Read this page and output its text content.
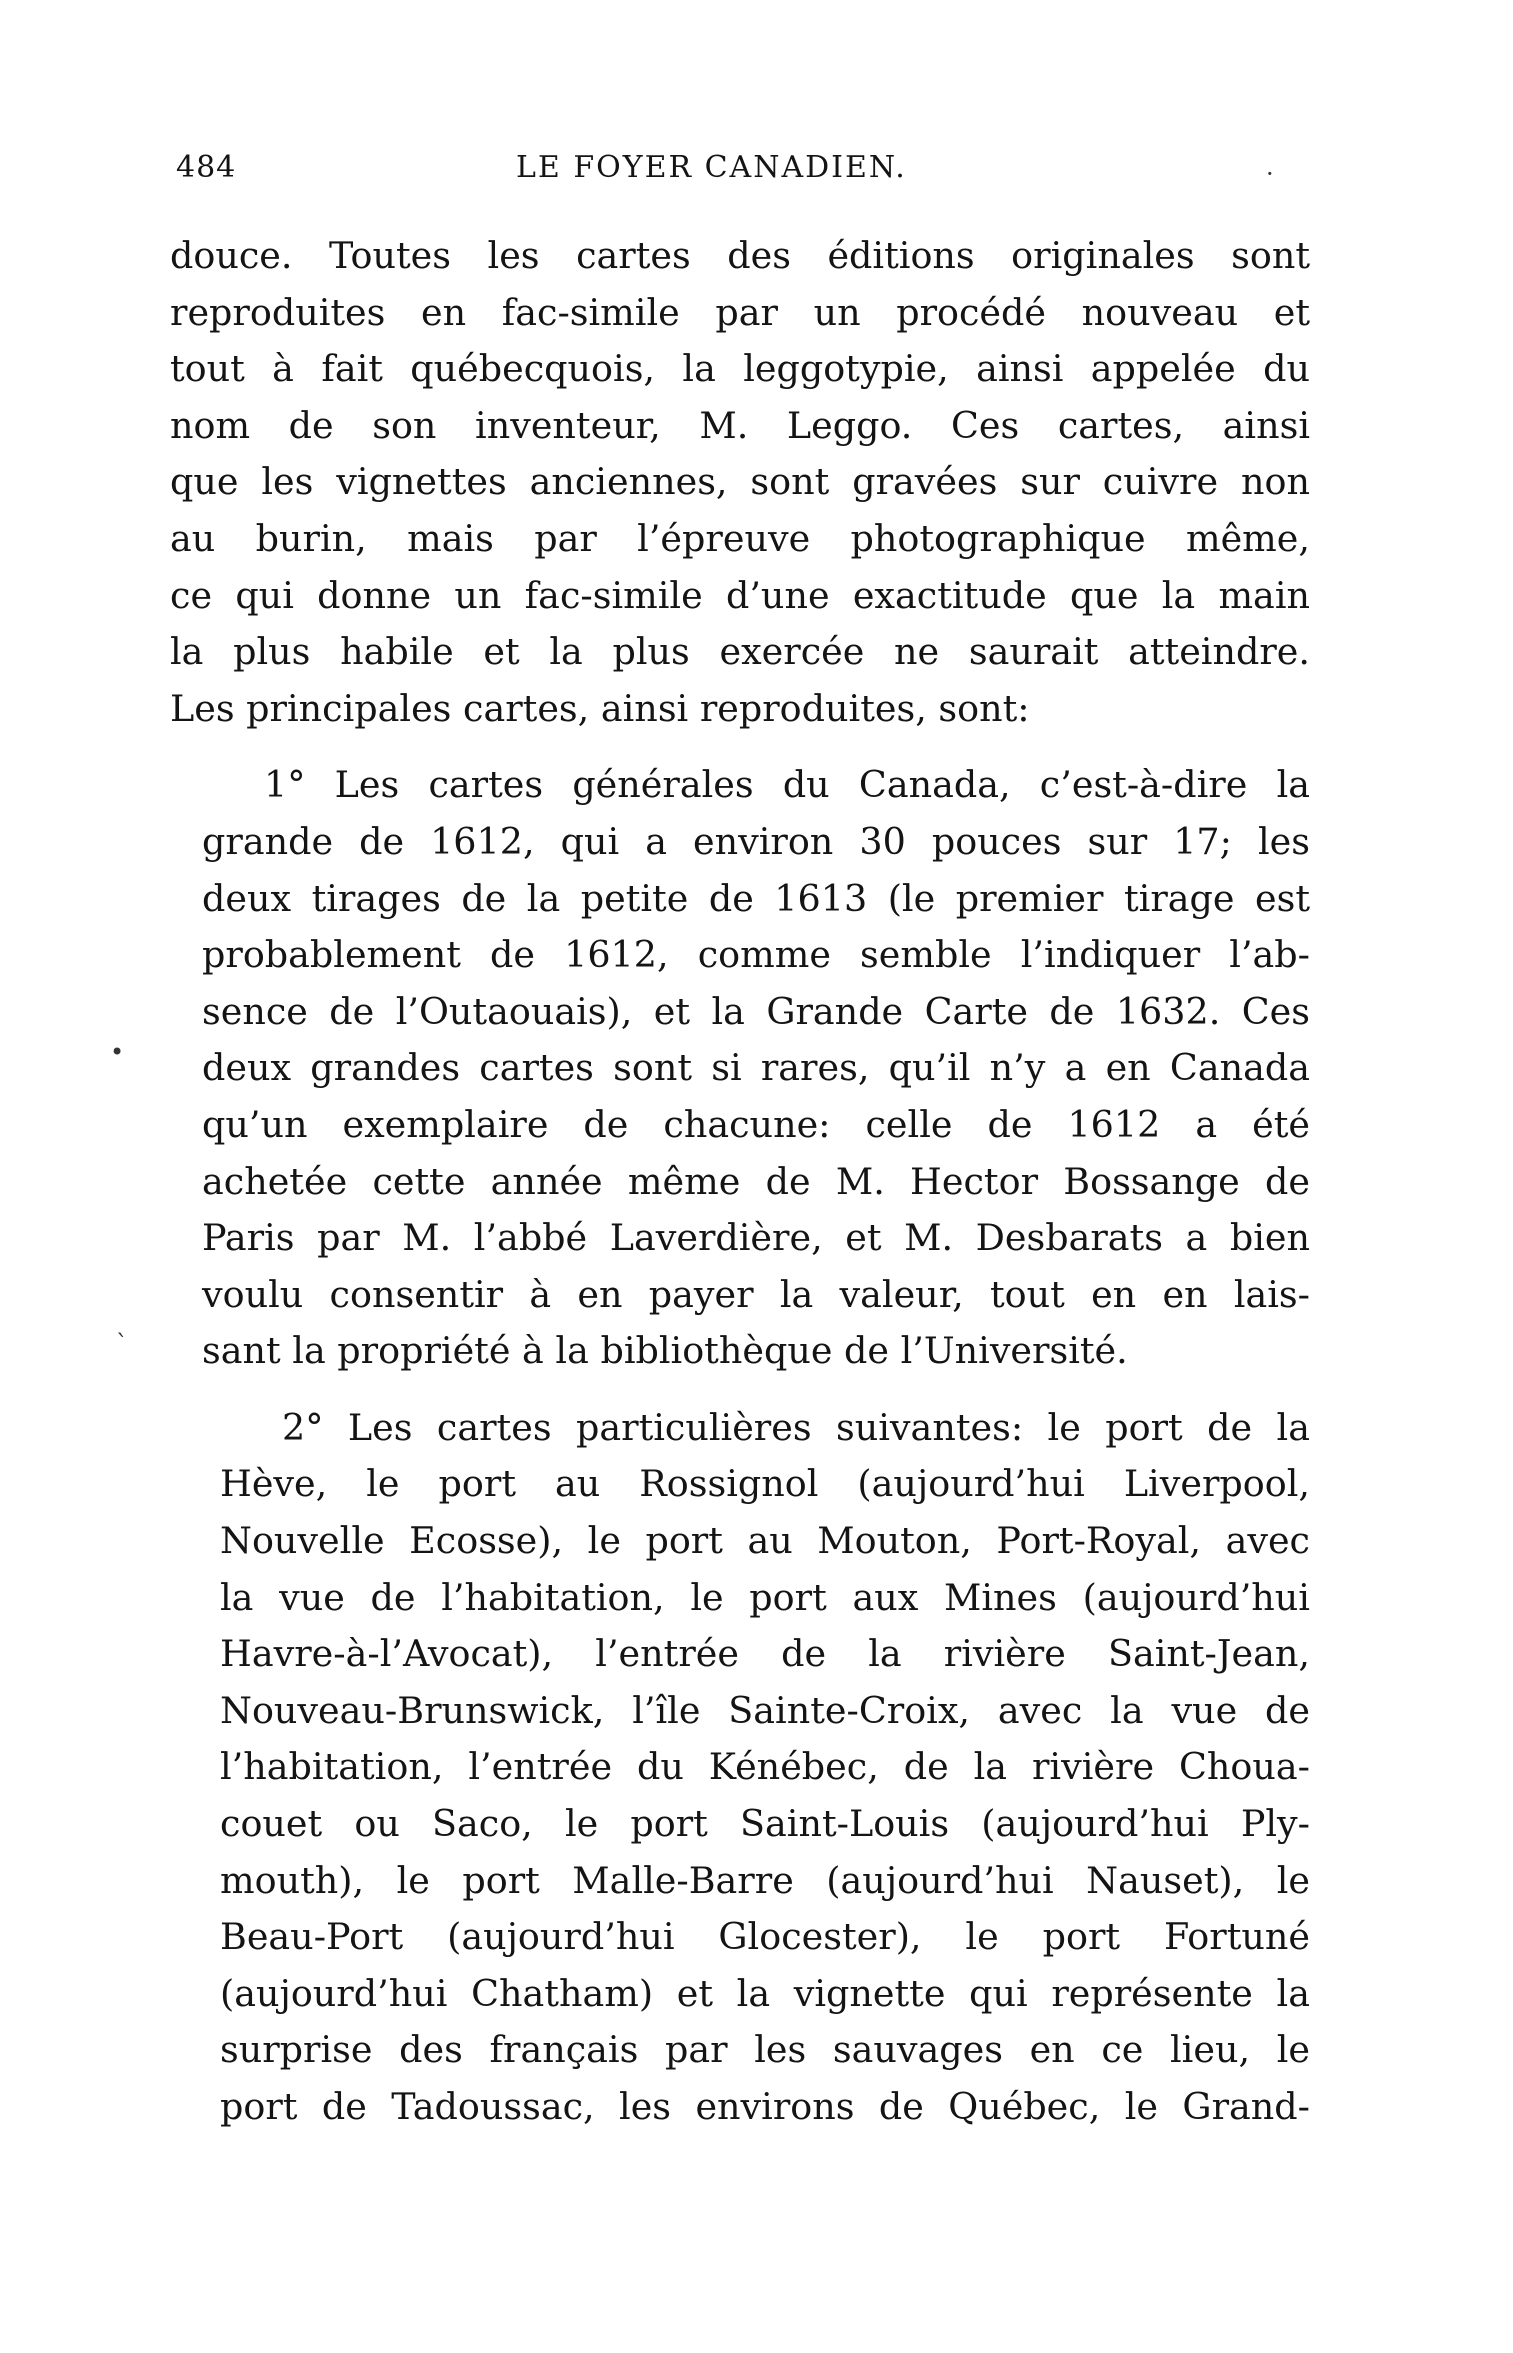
484	LE FOYER CANADIEN.
douce. Toutes les cartes des éditions originales sont
reproduites en fac-simile par un procédé nouveau et
tout à fait québecquois, la leggotypie, ainsi appelée du
nom de son inventeur, M. Leggo. Ces cartes, ainsi
que les vignettes anciennes, sont gravées sur cuivre non
au burin, mais par l’épreuve photographique même,
ce qui donne un fac-simile d’une exactitude que la main
la plus habile et la plus exercée ne saurait atteindre.
Les principales cartes, ainsi reproduites, sont:
1° Les cartes générales du Canada, c’est-à-dire la
grande de 1612, qui a environ 30 pouces sur 17; les
deux tirages de la petite de 1613 (le premier tirage est
probablement de 1612, comme semble l’indiquer l’ab-
sence de l’Outaouais), et la Grande Carte de 1632. Ces
deux grandes cartes sont si rares, qu’il n’y a en Canada
qu’un exemplaire de chacune: celle de 1612 a été
achetée cette année même de M. Hector Bossange de
Paris par M. l’abbé Laverdière, et M. Desbarats a bien
voulu consentir à en payer la valeur, tout en en lais-
sant la propriété à la bibliothèque de l’Université.
2° Les cartes particulières suivantes: le port de la
Hève, le port au Rossignol (aujourd’hui Liverpool,
Nouvelle Ecosse), le port au Mouton, Port-Royal, avec
la vue de l’habitation, le port aux Mines (aujourd’hui
Havre-à-l’Avocat), l’entrée de la rivière Saint-Jean,
Nouveau-Brunswick, l’île Sainte-Croix, avec la vue de
l’habitation, l’entrée du Kénébec, de la rivière Choua-
couet ou Saco, le port Saint-Louis (aujourd’hui Ply-
mouth), le port Malle-Barre (aujourd’hui Nauset), le
Beau-Port (aujourd’hui Glocester), le port Fortuné
(aujourd’hui Chatham) et la vignette qui représente la
surprise des français par les sauvages en ce lieu, le
port de Tadoussac, les environs de Québec, le Grand-
•
ˋ
·
